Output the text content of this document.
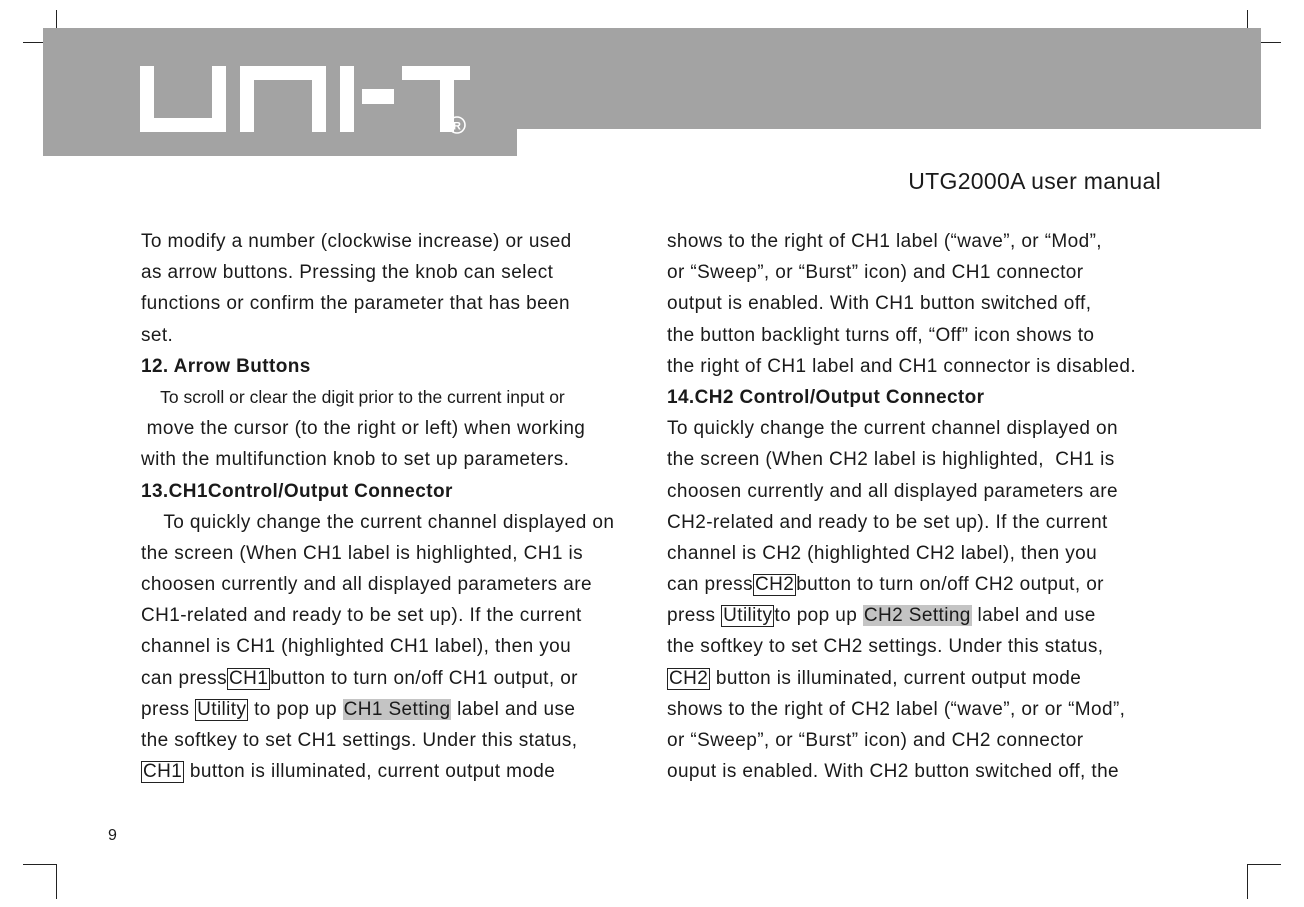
R
UTG2000A user manual
To modify a number (clockwise increase) or used
as arrow buttons. Pressing the knob can select
functions or confirm the parameter that has been
set.
12. Arrow Buttons
To scroll or clear the digit prior to the current input or
move the cursor (to the right or left) when working
with the multifunction knob to set up parameters.
13.CH1Control/Output Connector
To quickly change the current channel displayed on
the screen (When CH1 label is highlighted, CH1 is
choosen currently and all displayed parameters are
CH1-related and ready to be set up). If the current
channel is CH1 (highlighted CH1 label), then you
can press CH1 button to turn on/off CH1 output, or
press Utility to pop up CH1 Setting label and use
the softkey to set CH1 settings. Under this status,
CH1 button is illuminated, current output mode
shows to the right of CH1 label (“wave”, or “Mod”,
or “Sweep”, or “Burst” icon) and CH1 connector
output is enabled. With CH1 button switched off,
the button backlight turns off, “Off” icon shows to
the right of CH1 label and CH1 connector is disabled.
14.CH2 Control/Output Connector
To quickly change the current channel displayed on
the screen (When CH2 label is highlighted,  CH1 is
choosen currently and all displayed parameters are
CH2-related and ready to be set up). If the current
channel is CH2 (highlighted CH2 label), then you
can press CH2 button to turn on/off CH2 output, or
press Utility to pop up CH2 Setting label and use
the softkey to set CH2 settings. Under this status,
CH2 button is illuminated, current output mode
shows to the right of CH2 label (“wave”, or or “Mod”,
or “Sweep”, or “Burst” icon) and CH2 connector
ouput is enabled. With CH2 button switched off, the
9
